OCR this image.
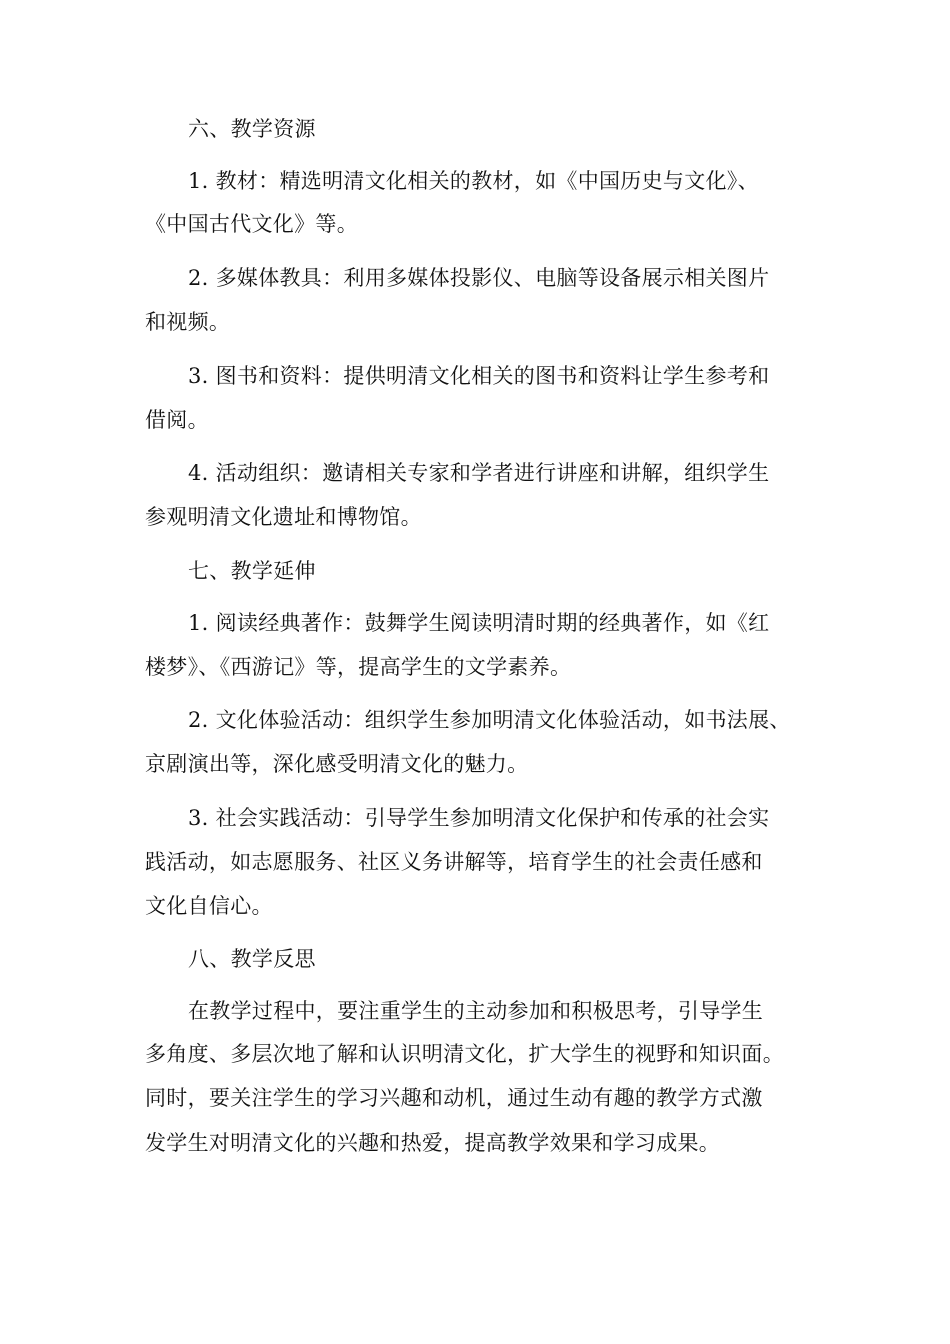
六、教学资源
1. 教材：精选明清文化相关的教材，如《中国历史与文化》、
《中国古代文化》等。
2. 多媒体教具：利用多媒体投影仪、电脑等设备展示相关图片
和视频。
3. 图书和资料：提供明清文化相关的图书和资料让学生参考和
借阅。
4. 活动组织：邀请相关专家和学者进行讲座和讲解，组织学生
参观明清文化遗址和博物馆。
七、教学延伸
1. 阅读经典著作：鼓舞学生阅读明清时期的经典著作，如《红
楼梦》、《西游记》等，提高学生的文学素养。
2. 文化体验活动：组织学生参加明清文化体验活动，如书法展、
京剧演出等，深化感受明清文化的魅力。
3. 社会实践活动：引导学生参加明清文化保护和传承的社会实
践活动，如志愿服务、社区义务讲解等，培育学生的社会责任感和
文化自信心。
八、教学反思
在教学过程中，要注重学生的主动参加和积极思考，引导学生
多角度、多层次地了解和认识明清文化，扩大学生的视野和知识面。
同时，要关注学生的学习兴趣和动机，通过生动有趣的教学方式激
发学生对明清文化的兴趣和热爱，提高教学效果和学习成果。
